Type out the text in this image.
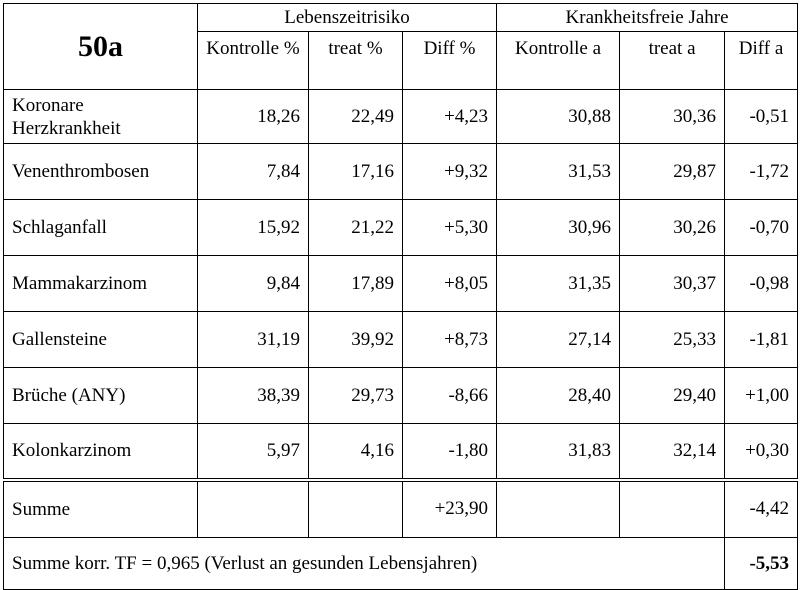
50a	Lebenszeitrisiko			Krankheitsfreie Jahre		
	Kontrolle %	treat %	Diff %	Kontrolle a	treat a	Diff a
Koronare Herzkrankheit	18,26	22,49	+4,23	30,88	30,36	-0,51
Venenthrombosen	7,84	17,16	+9,32	31,53	29,87	-1,72
Schlaganfall	15,92	21,22	+5,30	30,96	30,26	-0,70
Mammakarzinom	9,84	17,89	+8,05	31,35	30,37	-0,98
Gallensteine	31,19	39,92	+8,73	27,14	25,33	-1,81
Brüche (ANY)	38,39	29,73	-8,66	28,40	29,40	+1,00
Kolonkarzinom	5,97	4,16	-1,80	31,83	32,14	+0,30
Summe			+23,90			-4,42
Summe korr. TF = 0,965 (Verlust an gesunden Lebensjahren)						-5,53
